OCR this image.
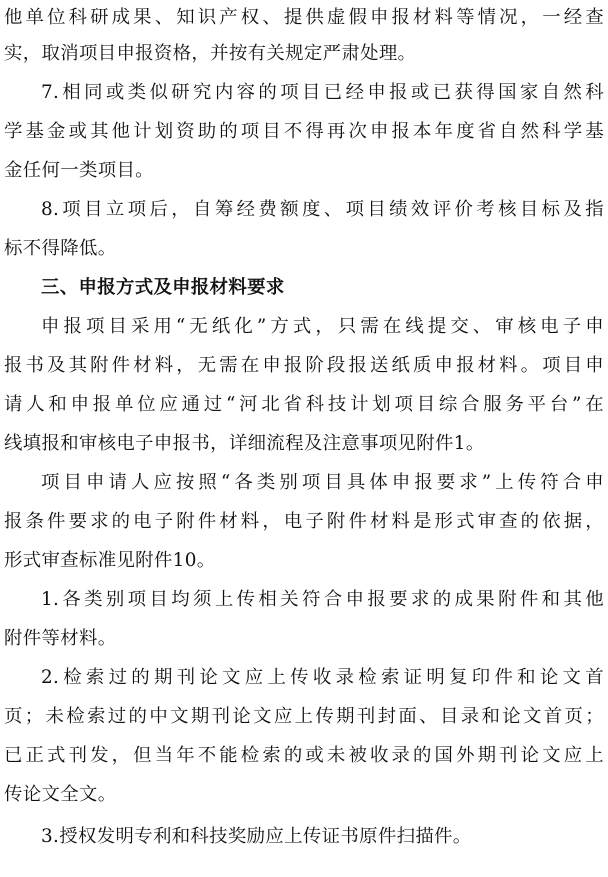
他单位科研成果、知识产权、提供虚假申报材料等情况，一经查
实，取消项目申报资格，并按有关规定严肃处理。
7.相同或类似研究内容的项目已经申报或已获得国家自然科
学基金或其他计划资助的项目不得再次申报本年度省自然科学基
金任何一类项目。
8.项目立项后，自筹经费额度、项目绩效评价考核目标及指
标不得降低。
三、申报方式及申报材料要求
申报项目采用“无纸化”方式，只需在线提交、审核电子申
报书及其附件材料，无需在申报阶段报送纸质申报材料。项目申
请人和申报单位应通过“河北省科技计划项目综合服务平台”在
线填报和审核电子申报书，详细流程及注意事项见附件1。
项目申请人应按照“各类别项目具体申报要求”上传符合申
报条件要求的电子附件材料，电子附件材料是形式审查的依据，
形式审查标准见附件10。
1.各类别项目均须上传相关符合申报要求的成果附件和其他
附件等材料。
2.检索过的期刊论文应上传收录检索证明复印件和论文首
页；未检索过的中文期刊论文应上传期刊封面、目录和论文首页；
已正式刊发，但当年不能检索的或未被收录的国外期刊论文应上
传论文全文。
3.授权发明专利和科技奖励应上传证书原件扫描件。
